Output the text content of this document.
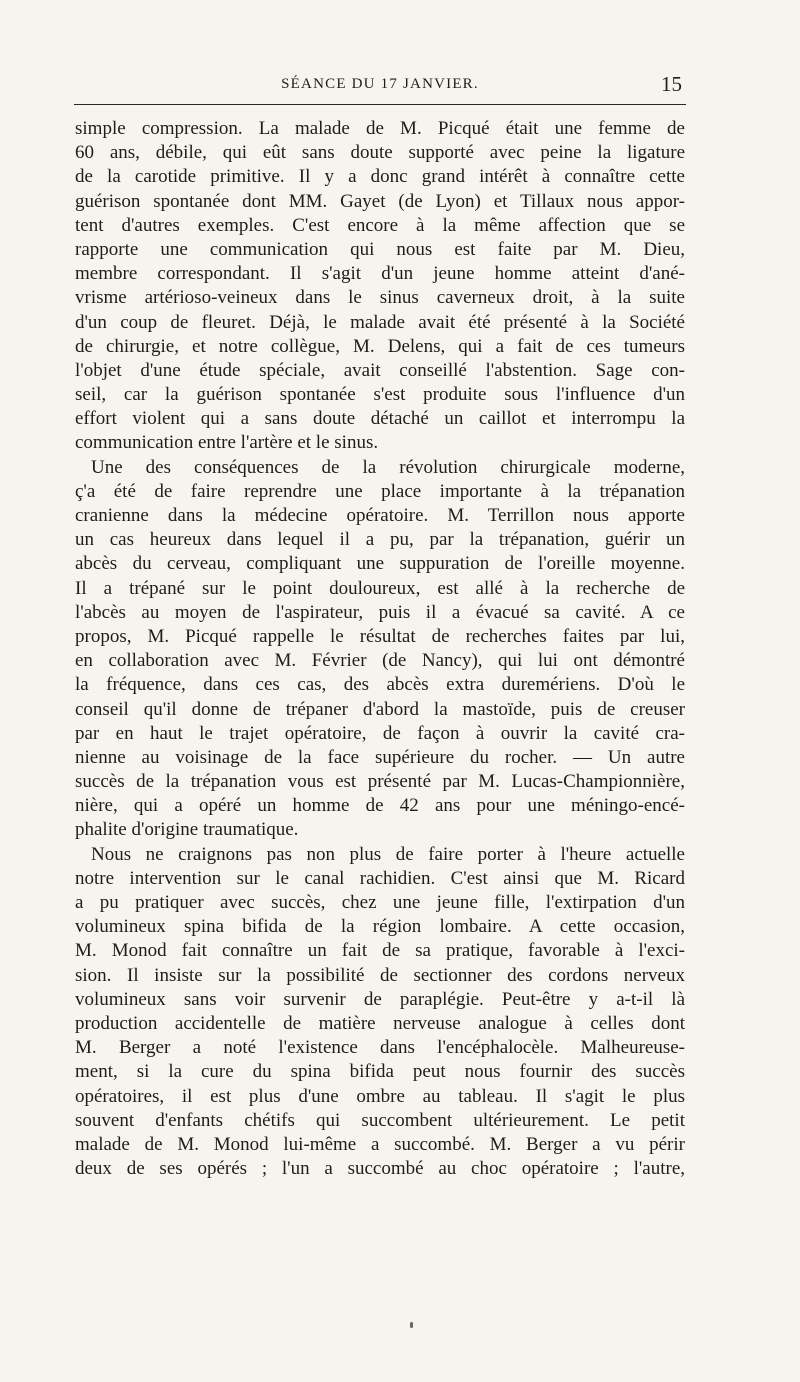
SÉANCE DU 17 JANVIER.	15
simple compression. La malade de M. Picqué était une femme de
60 ans, débile, qui eût sans doute supporté avec peine la ligature
de la carotide primitive. Il y a donc grand intérêt à connaître cette
guérison spontanée dont MM. Gayet (de Lyon) et Tillaux nous appor-
tent d'autres exemples. C'est encore à la même affection que se
rapporte une communication qui nous est faite par M. Dieu,
membre correspondant. Il s'agit d'un jeune homme atteint d'ané-
vrisme artérioso-veineux dans le sinus caverneux droit, à la suite
d'un coup de fleuret. Déjà, le malade avait été présenté à la Société
de chirurgie, et notre collègue, M. Delens, qui a fait de ces tumeurs
l'objet d'une étude spéciale, avait conseillé l'abstention. Sage con-
seil, car la guérison spontanée s'est produite sous l'influence d'un
effort violent qui a sans doute détaché un caillot et interrompu la
communication entre l'artère et le sinus.
Une des conséquences de la révolution chirurgicale moderne,
ç'a été de faire reprendre une place importante à la trépanation
cranienne dans la médecine opératoire. M. Terrillon nous apporte
un cas heureux dans lequel il a pu, par la trépanation, guérir un
abcès du cerveau, compliquant une suppuration de l'oreille moyenne.
Il a trépané sur le point douloureux, est allé à la recherche de
l'abcès au moyen de l'aspirateur, puis il a évacué sa cavité. A ce
propos, M. Picqué rappelle le résultat de recherches faites par lui,
en collaboration avec M. Février (de Nancy), qui lui ont démontré
la fréquence, dans ces cas, des abcès extra duremériens. D'où le
conseil qu'il donne de trépaner d'abord la mastoïde, puis de creuser
par en haut le trajet opératoire, de façon à ouvrir la cavité cra-
nienne au voisinage de la face supérieure du rocher. — Un autre
succès de la trépanation vous est présenté par M. Lucas-Championnière,
nière, qui a opéré un homme de 42 ans pour une méningo-encé-
phalite d'origine traumatique.
Nous ne craignons pas non plus de faire porter à l'heure actuelle
notre intervention sur le canal rachidien. C'est ainsi que M. Ricard
a pu pratiquer avec succès, chez une jeune fille, l'extirpation d'un
volumineux spina bifida de la région lombaire. A cette occasion,
M. Monod fait connaître un fait de sa pratique, favorable à l'exci-
sion. Il insiste sur la possibilité de sectionner des cordons nerveux
volumineux sans voir survenir de paraplégie. Peut-être y a-t-il là
production accidentelle de matière nerveuse analogue à celles dont
M. Berger a noté l'existence dans l'encéphalocèle. Malheureuse-
ment, si la cure du spina bifida peut nous fournir des succès
opératoires, il est plus d'une ombre au tableau. Il s'agit le plus
souvent d'enfants chétifs qui succombent ultérieurement. Le petit
malade de M. Monod lui-même a succombé. M. Berger a vu périr
deux de ses opérés ; l'un a succombé au choc opératoire ; l'autre,
